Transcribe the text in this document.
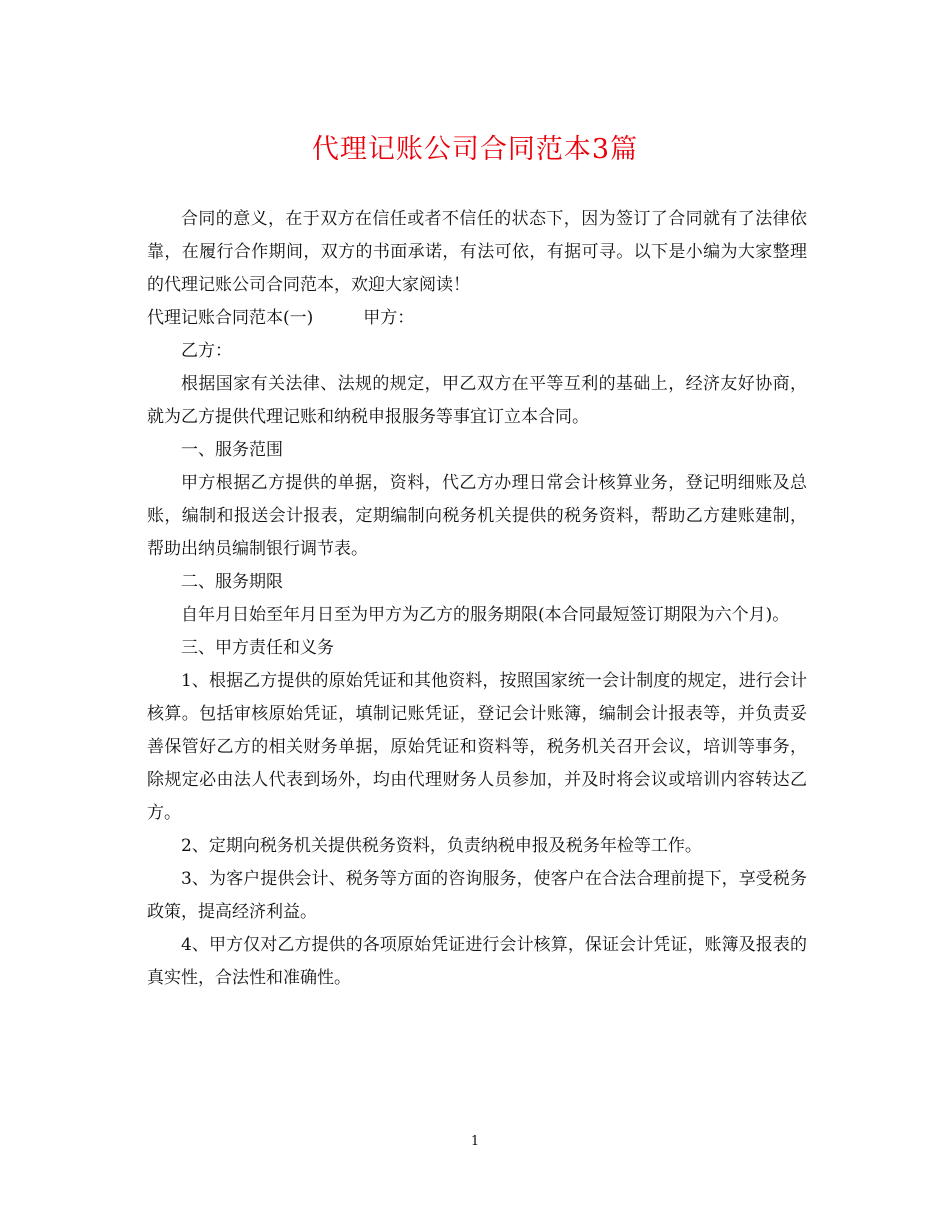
代理记账公司合同范本3篇

合同的意义，在于双方在信任或者不信任的状态下，因为签订了合同就有了法律依靠，在履行合作期间，双方的书面承诺，有法可依，有据可寻。以下是小编为大家整理的代理记账公司合同范本，欢迎大家阅读！

代理记账合同范本(一)	甲方：

乙方：

根据国家有关法律、法规的规定，甲乙双方在平等互利的基础上，经济友好协商，就为乙方提供代理记账和纳税申报服务等事宜订立本合同。

一、服务范围

甲方根据乙方提供的单据，资料，代乙方办理日常会计核算业务，登记明细账及总账，编制和报送会计报表，定期编制向税务机关提供的税务资料，帮助乙方建账建制，帮助出纳员编制银行调节表。

二、服务期限

自年月日始至年月日至为甲方为乙方的服务期限(本合同最短签订期限为六个月)。

三、甲方责任和义务

1、根据乙方提供的原始凭证和其他资料，按照国家统一会计制度的规定，进行会计核算。包括审核原始凭证，填制记账凭证，登记会计账簿，编制会计报表等，并负责妥善保管好乙方的相关财务单据，原始凭证和资料等，税务机关召开会议，培训等事务，除规定必由法人代表到场外，均由代理财务人员参加，并及时将会议或培训内容转达乙方。

2、定期向税务机关提供税务资料，负责纳税申报及税务年检等工作。

3、为客户提供会计、税务等方面的咨询服务，使客户在合法合理前提下，享受税务政策，提高经济利益。

4、甲方仅对乙方提供的各项原始凭证进行会计核算，保证会计凭证，账簿及报表的真实性，合法性和准确性。

1
